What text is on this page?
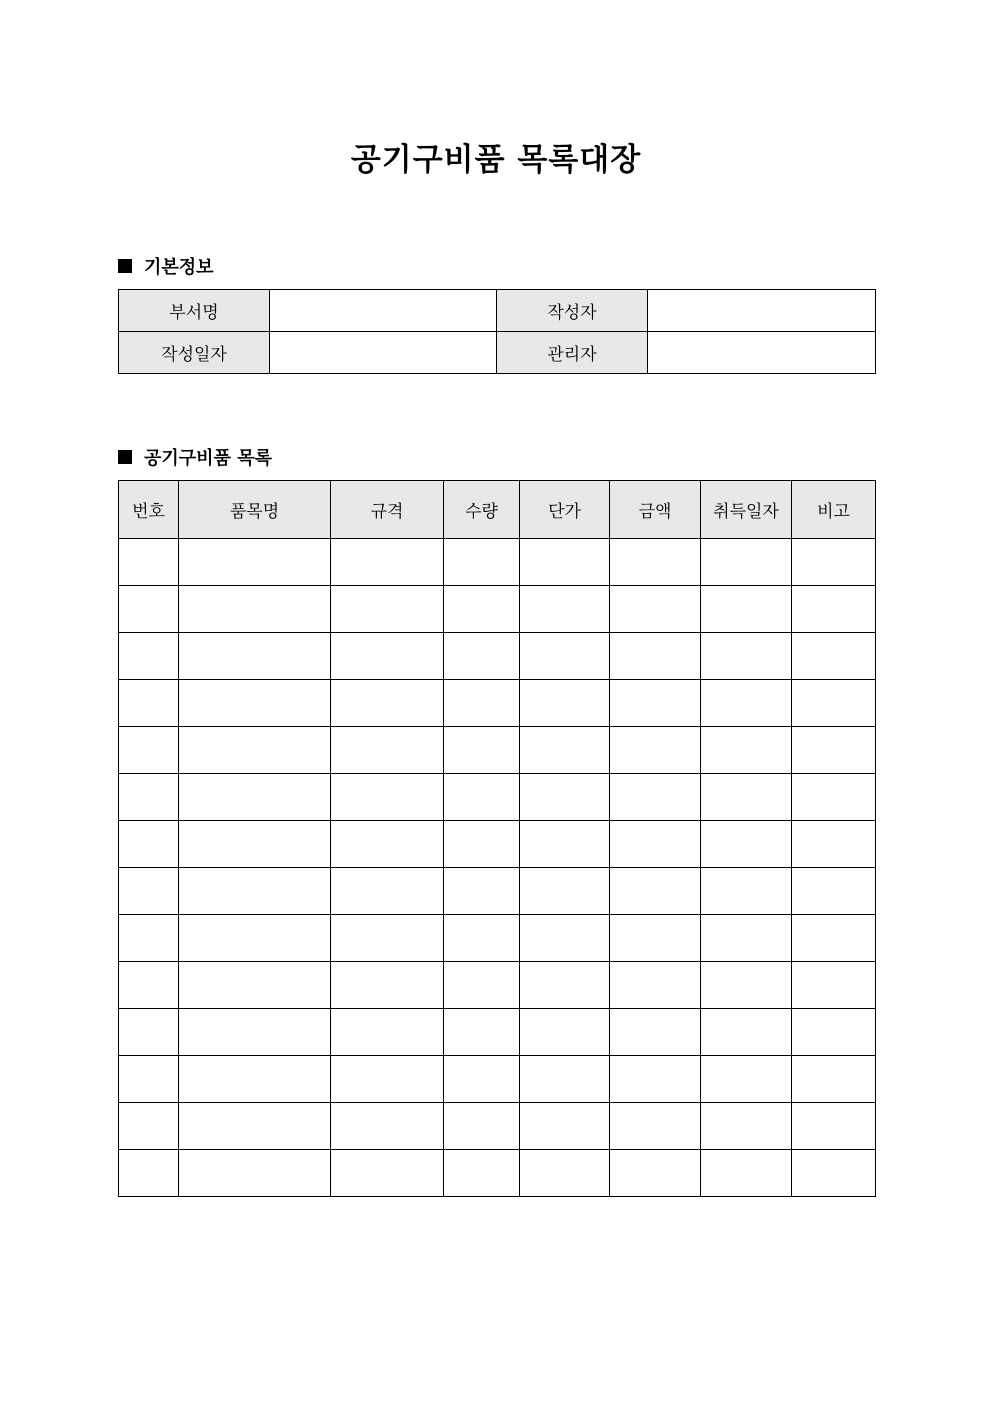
공기구비품 목록대장
기본정보
부서명		작성자	
작성일자		관리자	
공기구비품 목록
번호	품목명	규격	수량	단가	금액	취득일자	비고
